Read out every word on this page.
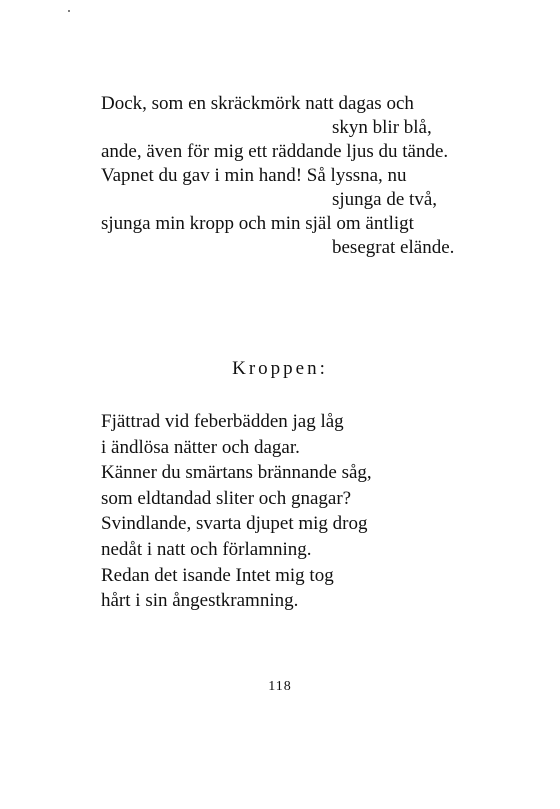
Dock, som en skräckmörk natt dagas och
skyn blir blå,
ande, även för mig ett räddande ljus du tände.
Vapnet du gav i min hand! Så lyssna, nu
sjunga de två,
sjunga min kropp och min själ om äntligt
besegrat elände.
Kroppen:
Fjättrad vid feberbädden jag låg
i ändlösa nätter och dagar.
Känner du smärtans brännande såg,
som eldtandad sliter och gnagar?
Svindlande, svarta djupet mig drog
nedåt i natt och förlamning.
Redan det isande Intet mig tog
hårt i sin ångestkramning.
118
